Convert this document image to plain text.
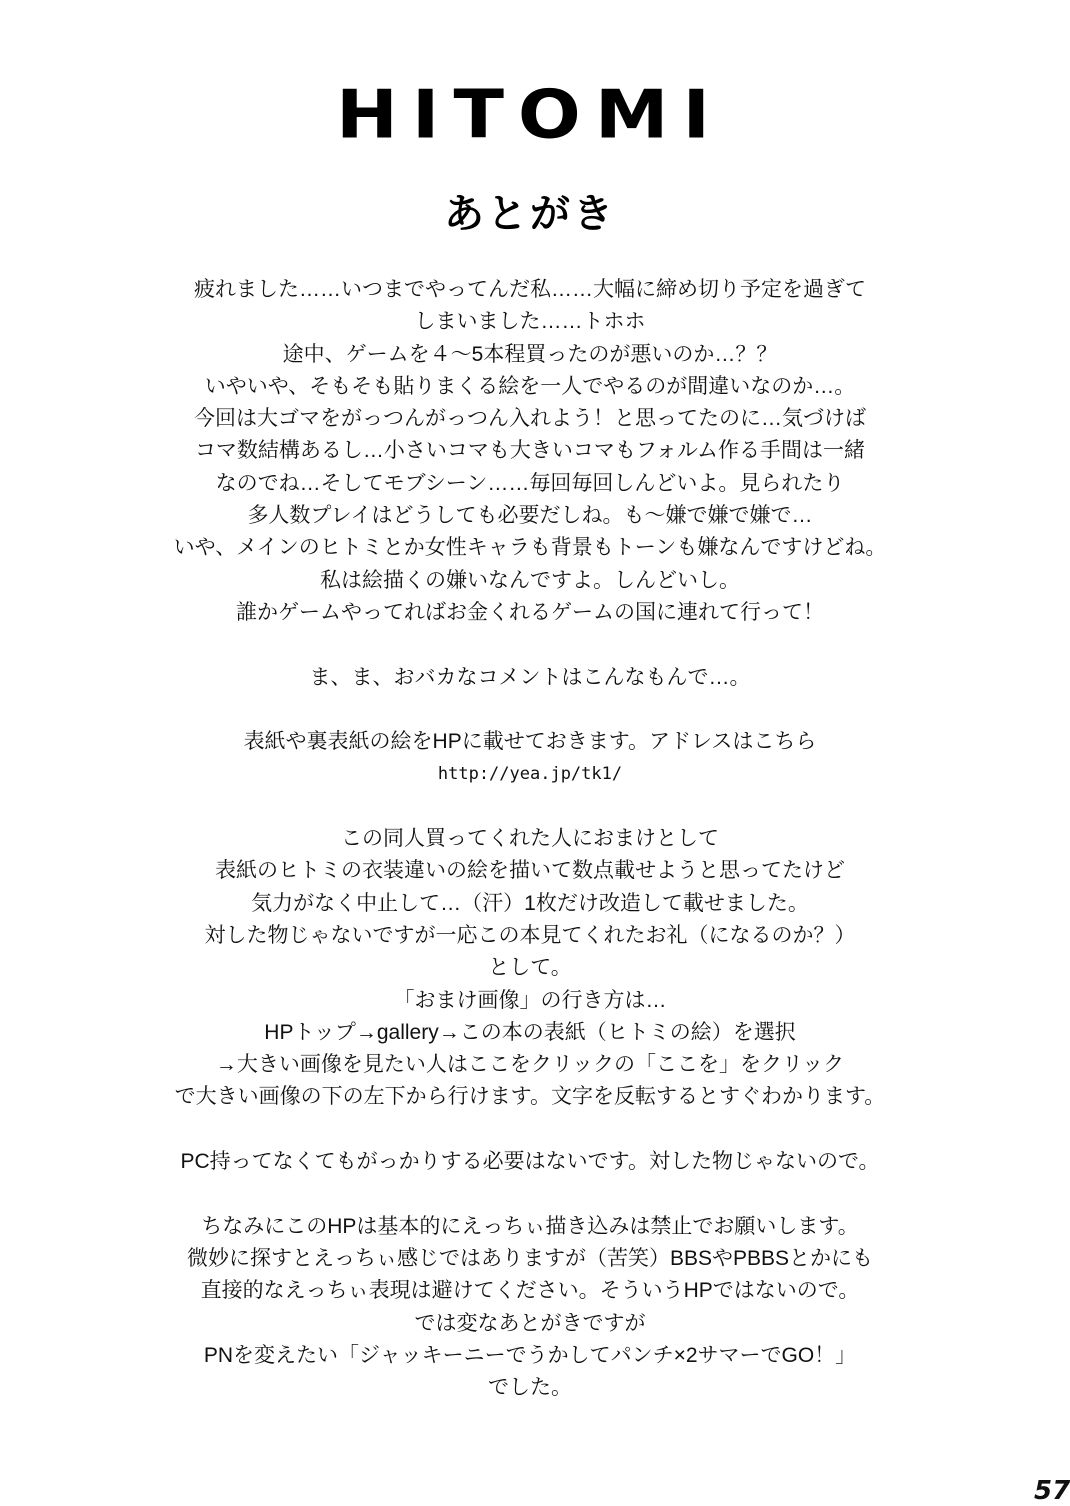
HITOMI
あとがき
疲れました……いつまでやってんだ私……大幅に締め切り予定を過ぎて
しまいました……トホホ
途中、ゲームを４～5本程買ったのが悪いのか…？？
いやいや、そもそも貼りまくる絵を一人でやるのが間違いなのか…。
今回は大ゴマをがっつんがっつん入れよう！と思ってたのに…気づけば
コマ数結構あるし…小さいコマも大きいコマもフォルム作る手間は一緒
なのでね…そしてモブシーン……毎回毎回しんどいよ。見られたり
多人数プレイはどうしても必要だしね。も～嫌で嫌で嫌で…
いや、メインのヒトミとか女性キャラも背景もトーンも嫌なんですけどね。
私は絵描くの嫌いなんですよ。しんどいし。
誰かゲームやってればお金くれるゲームの国に連れて行って！
ま、ま、おバカなコメントはこんなもんで…。
表紙や裏表紙の絵をHPに載せておきます。アドレスはこちら
http://yea.jp/tk1/
この同人買ってくれた人におまけとして
表紙のヒトミの衣装違いの絵を描いて数点載せようと思ってたけど
気力がなく中止して…（汗）1枚だけ改造して載せました。
対した物じゃないですが一応この本見てくれたお礼（になるのか？）
として。
「おまけ画像」の行き方は…
HPトップ→gallery→この本の表紙（ヒトミの絵）を選択
→大きい画像を見たい人はここをクリックの「ここを」をクリック
で大きい画像の下の左下から行けます。文字を反転するとすぐわかります。
PC持ってなくてもがっかりする必要はないです。対した物じゃないので。
ちなみにこのHPは基本的にえっちぃ描き込みは禁止でお願いします。
微妙に探すとえっちぃ感じではありますが（苦笑）BBSやPBBSとかにも
直接的なえっちぃ表現は避けてください。そういうHPではないので。
では変なあとがきですが
PNを変えたい「ジャッキーニーでうかしてパンチ×2サマーでGO！」
でした。
57
